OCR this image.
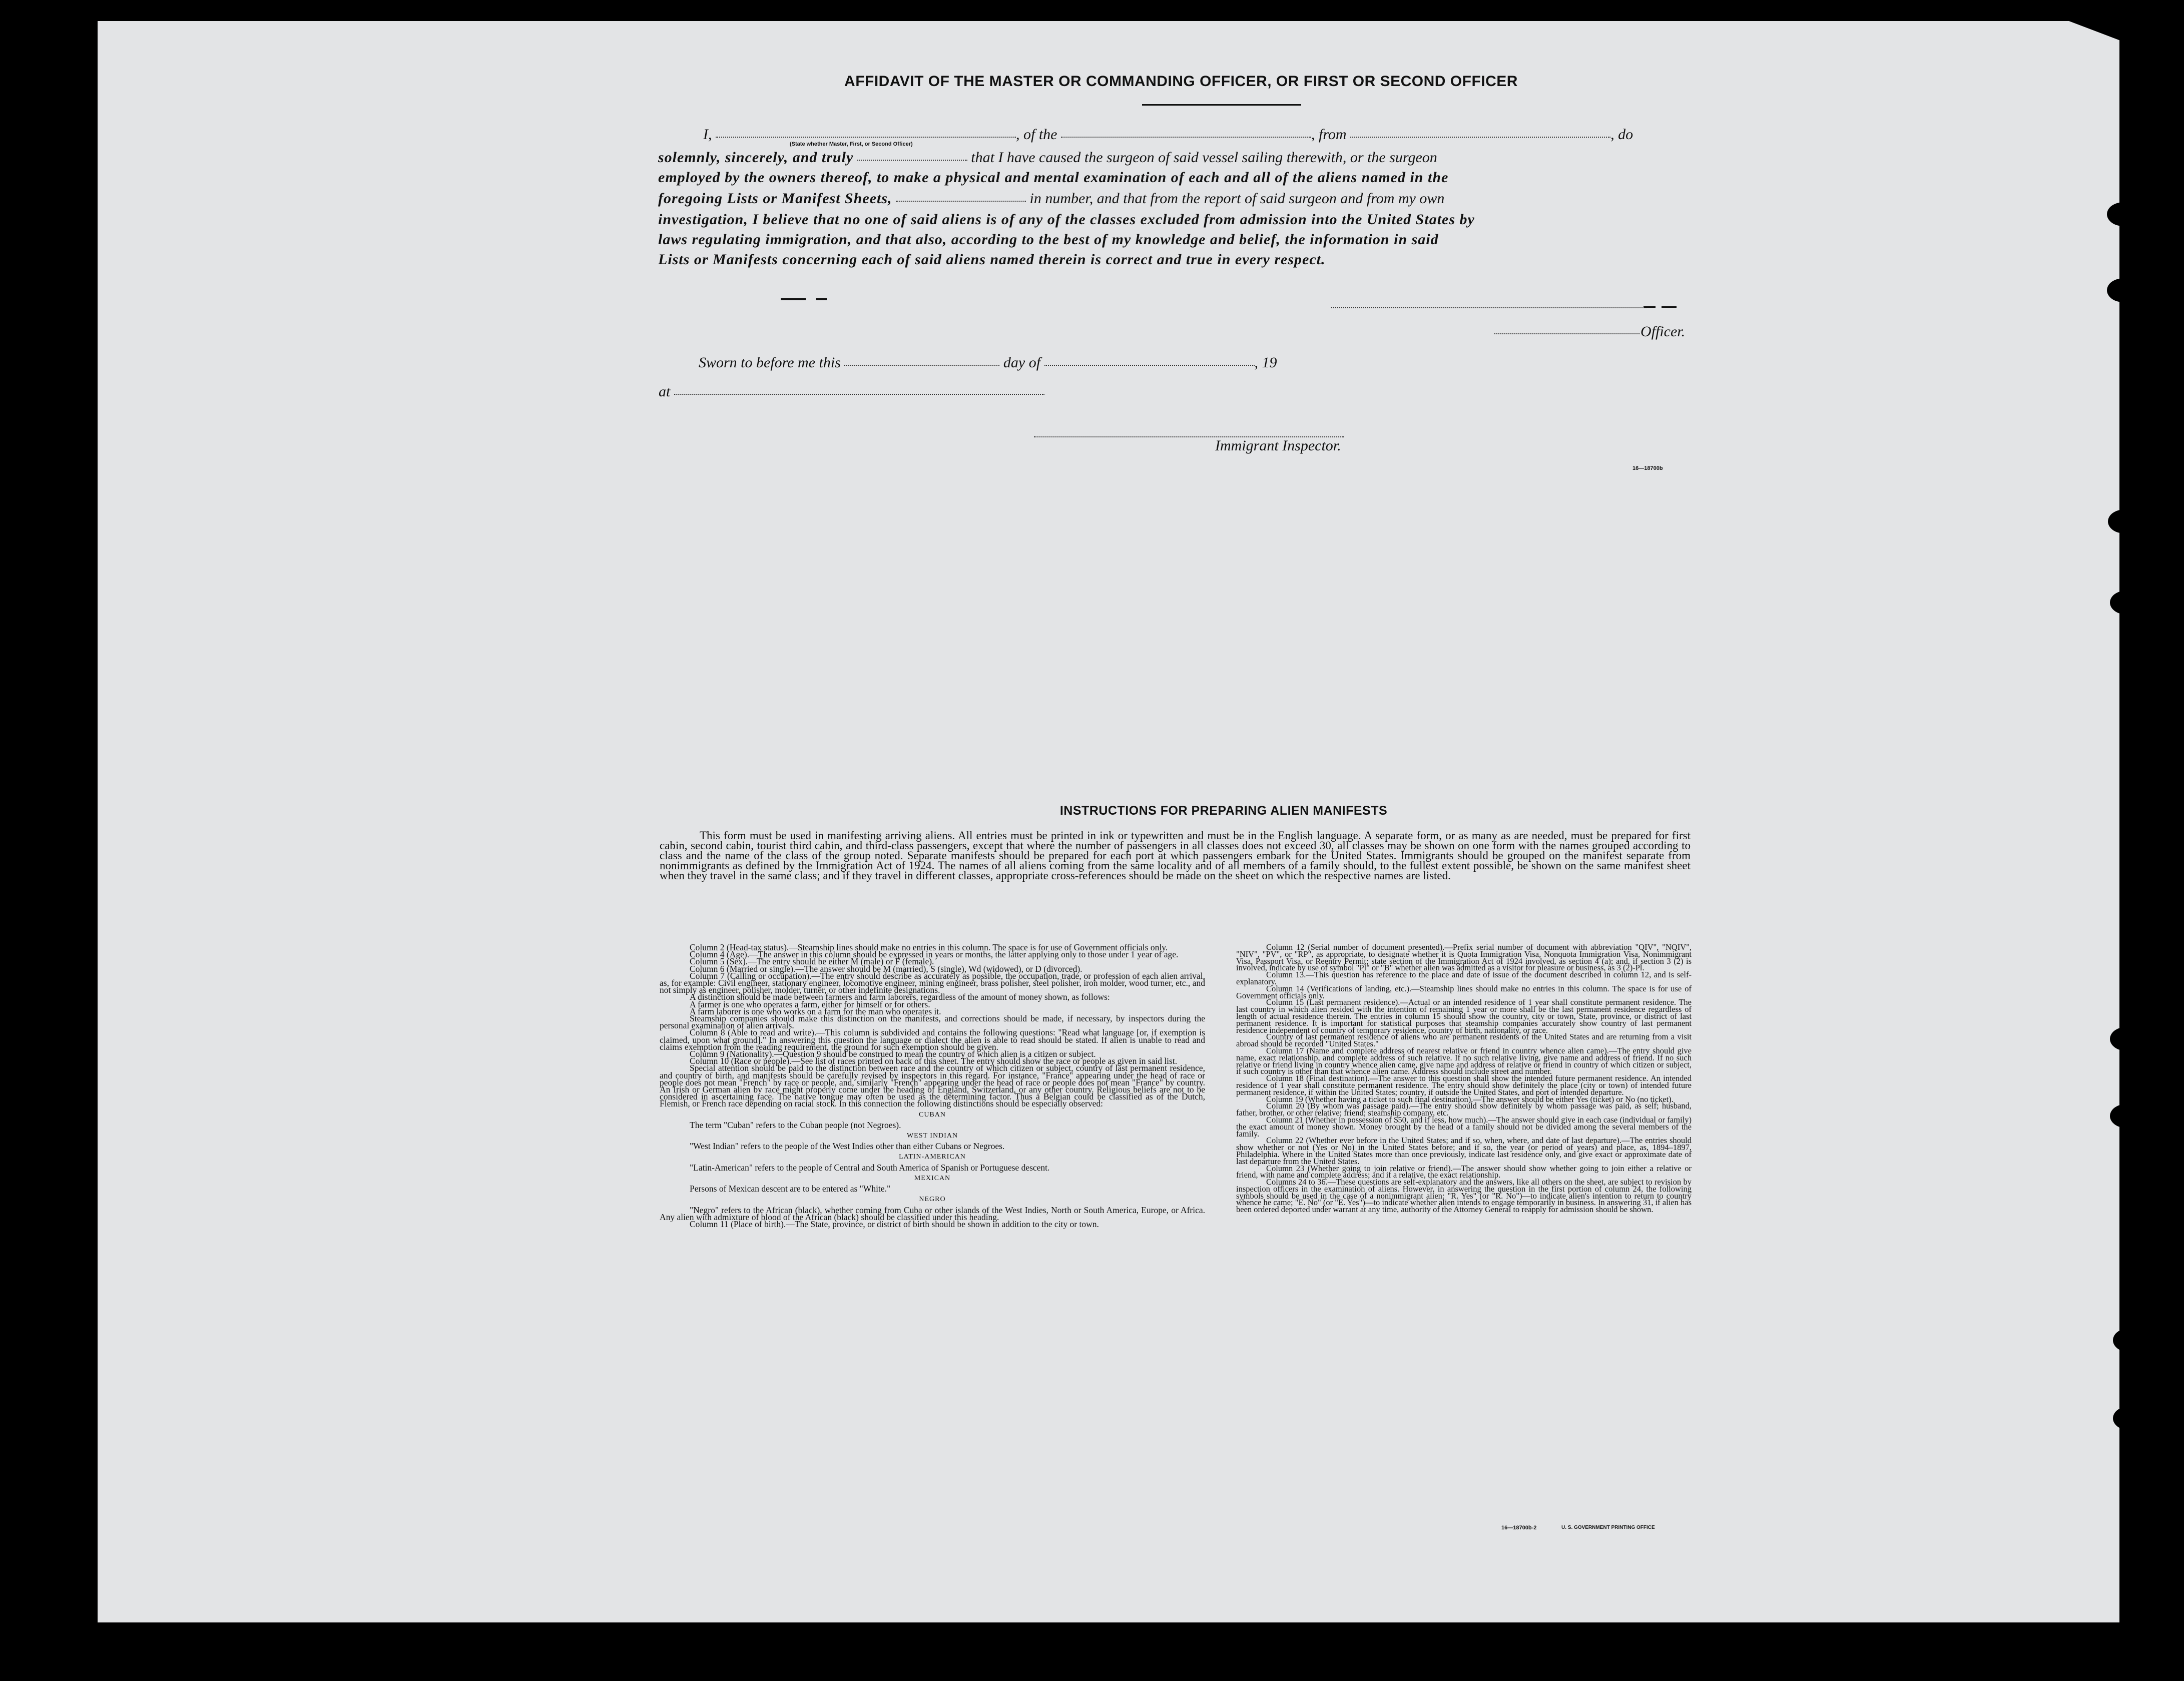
AFFIDAVIT OF THE MASTER OR COMMANDING OFFICER, OR FIRST OR SECOND OFFICER
I,	, of the	, from	, do
(State whether Master, First, or Second Officer)
solemnly, sincerely, and truly	that I have caused the surgeon of said vessel sailing therewith, or the surgeon
employed by the owners thereof, to make a physical and mental examination of each and all of the aliens named in the
foregoing Lists or Manifest Sheets,	in number, and that from the report of said surgeon and from my own
investigation, I believe that no one of said aliens is of any of the classes excluded from admission into the United States by
laws regulating immigration, and that also, according to the best of my knowledge and belief, the information in said
Lists or Manifests concerning each of said aliens named therein is correct and true in every respect.
Officer.
Sworn to before me this	day of	, 19
at
Immigrant Inspector.
16—18700b
INSTRUCTIONS FOR PREPARING ALIEN MANIFESTS
This form must be used in manifesting arriving aliens. All entries must be printed in ink or typewritten and must be in the English language. A separate form, or as many as are needed, must be prepared for first cabin, second cabin, tourist third cabin, and third-class passengers, except that where the number of passengers in all classes does not exceed 30, all classes may be shown on one form with the names grouped according to class and the name of the class of the group noted. Separate manifests should be prepared for each port at which passengers embark for the United States. Immigrants should be grouped on the manifest separate from nonimmigrants as defined by the Immigration Act of 1924. The names of all aliens coming from the same locality and of all members of a family should, to the fullest extent possible, be shown on the same manifest sheet when they travel in the same class; and if they travel in different classes, appropriate cross-references should be made on the sheet on which the respective names are listed.

Column 2 (Head-tax status).—Steamship lines should make no entries in this column. The space is for use of Government officials only.

Column 4 (Age).—The answer in this column should be expressed in years or months, the latter applying only to those under 1 year of age.

Column 5 (Sex).—The entry should be either M (male) or F (female).

Column 6 (Married or single).—The answer should be M (married), S (single), Wd (widowed), or D (divorced).

Column 7 (Calling or occupation).—The entry should describe as accurately as possible, the occupation, trade, or profession of each alien arrival, as, for example: Civil engineer, stationary engineer, locomotive engineer, mining engineer, brass polisher, steel polisher, iron molder, wood turner, etc., and not simply as engineer, polisher, molder, turner, or other indefinite designations.

A distinction should be made between farmers and farm laborers, regardless of the amount of money shown, as follows:

A farmer is one who operates a farm, either for himself or for others.

A farm laborer is one who works on a farm for the man who operates it.

Steamship companies should make this distinction on the manifests, and corrections should be made, if necessary, by inspectors during the personal examination of alien arrivals.

Column 8 (Able to read and write).—This column is subdivided and contains the following questions: "Read what language [or, if exemption is claimed, upon what ground]." In answering this question the language or dialect the alien is able to read should be stated. If alien is unable to read and claims exemption from the reading requirement, the ground for such exemption should be given.

Column 9 (Nationality).—Question 9 should be construed to mean the country of which alien is a citizen or subject.

Column 10 (Race or people).—See list of races printed on back of this sheet. The entry should show the race or people as given in said list.

Special attention should be paid to the distinction between race and the country of which citizen or subject, country of last permanent residence, and country of birth, and manifests should be carefully revised by inspectors in this regard. For instance, "France" appearing under the head of race or people does not mean "French" by race or people, and, similarly "French" appearing under the head of race or people does not mean "France" by country. An Irish or German alien by race might properly come under the heading of England, Switzerland, or any other country. Religious beliefs are not to be considered in ascertaining race. The native tongue may often be used as the determining factor. Thus a Belgian could be classified as of the Dutch, Flemish, or French race depending on racial stock. In this connection the following distinctions should be especially observed:

CUBAN

The term "Cuban" refers to the Cuban people (not Negroes).

WEST INDIAN

"West Indian" refers to the people of the West Indies other than either Cubans or Negroes.

LATIN-AMERICAN

"Latin-American" refers to the people of Central and South America of Spanish or Portuguese descent.

MEXICAN

Persons of Mexican descent are to be entered as "White."

NEGRO

"Negro" refers to the African (black), whether coming from Cuba or other islands of the West Indies, North or South America, Europe, or Africa. Any alien with admixture of blood of the African (black) should be classified under this heading.

Column 11 (Place of birth).—The State, province, or district of birth should be shown in addition to the city or town.

Column 12 (Serial number of document presented).—Prefix serial number of document with abbreviation "QIV", "NQIV", "NIV", "PV", or "RP", as appropriate, to designate whether it is Quota Immigration Visa, Nonquota Immigration Visa, Nonimmigrant Visa, Passport Visa, or Reentry Permit; state section of the Immigration Act of 1924 involved, as section 4 (a); and, if section 3 (2) is involved, indicate by use of symbol "Pl" or "B" whether alien was admitted as a visitor for pleasure or business, as 3 (2)-Pl.

Column 13.—This question has reference to the place and date of issue of the document described in column 12, and is self-explanatory.

Column 14 (Verifications of landing, etc.).—Steamship lines should make no entries in this column. The space is for use of Government officials only.

Column 15 (Last permanent residence).—Actual or an intended residence of 1 year shall constitute permanent residence. The last country in which alien resided with the intention of remaining 1 year or more shall be the last permanent residence regardless of length of actual residence therein. The entries in column 15 should show the country, city or town, State, province, or district of last permanent residence. It is important for statistical purposes that steamship companies accurately show country of last permanent residence independent of country of temporary residence, country of birth, nationality, or race.

Country of last permanent residence of aliens who are permanent residents of the United States and are returning from a visit abroad should be recorded "United States."

Column 17 (Name and complete address of nearest relative or friend in country whence alien came).—The entry should give name, exact relationship, and complete address of such relative. If no such relative living, give name and address of friend. If no such relative or friend living in country whence alien came, give name and address of relative or friend in country of which citizen or subject, if such country is other than that whence alien came. Address should include street and number.

Column 18 (Final destination).—The answer to this question shall show the intended future permanent residence. An intended residence of 1 year shall constitute permanent residence. The entry should show definitely the place (city or town) of intended future permanent residence, if within the United States; country, if outside the United States, and port of intended departure.

Column 19 (Whether having a ticket to such final destination).—The answer should be either Yes (ticket) or No (no ticket).

Column 20 (By whom was passage paid).—The entry should show definitely by whom passage was paid, as self; husband, father, brother, or other relative; friend; steamship company, etc.

Column 21 (Whether in possession of $50, and if less, how much).—The answer should give in each case (individual or family) the exact amount of money shown. Money brought by the head of a family should not be divided among the several members of the family.

Column 22 (Whether ever before in the United States; and if so, when, where, and date of last departure).—The entries should show whether or not (Yes or No) in the United States before; and if so, the year (or period of years) and place, as, 1894–1897, Philadelphia. Where in the United States more than once previously, indicate last residence only, and give exact or approximate date of last departure from the United States.

Column 23 (Whether going to join relative or friend).—The answer should show whether going to join either a relative or friend, with name and complete address; and if a relative, the exact relationship.

Columns 24 to 36.—These questions are self-explanatory and the answers, like all others on the sheet, are subject to revision by inspection officers in the examination of aliens. However, in answering the question in the first portion of column 24, the following symbols should be used in the case of a nonimmigrant alien: "R. Yes" (or "R. No")—to indicate alien's intention to return to country whence he came; "E. No" (or "E. Yes")—to indicate whether alien intends to engage temporarily in business. In answering 31, if alien has been ordered deported under warrant at any time, authority of the Attorney General to reapply for admission should be shown.

16—18700b-2	U. S. GOVERNMENT PRINTING OFFICE
